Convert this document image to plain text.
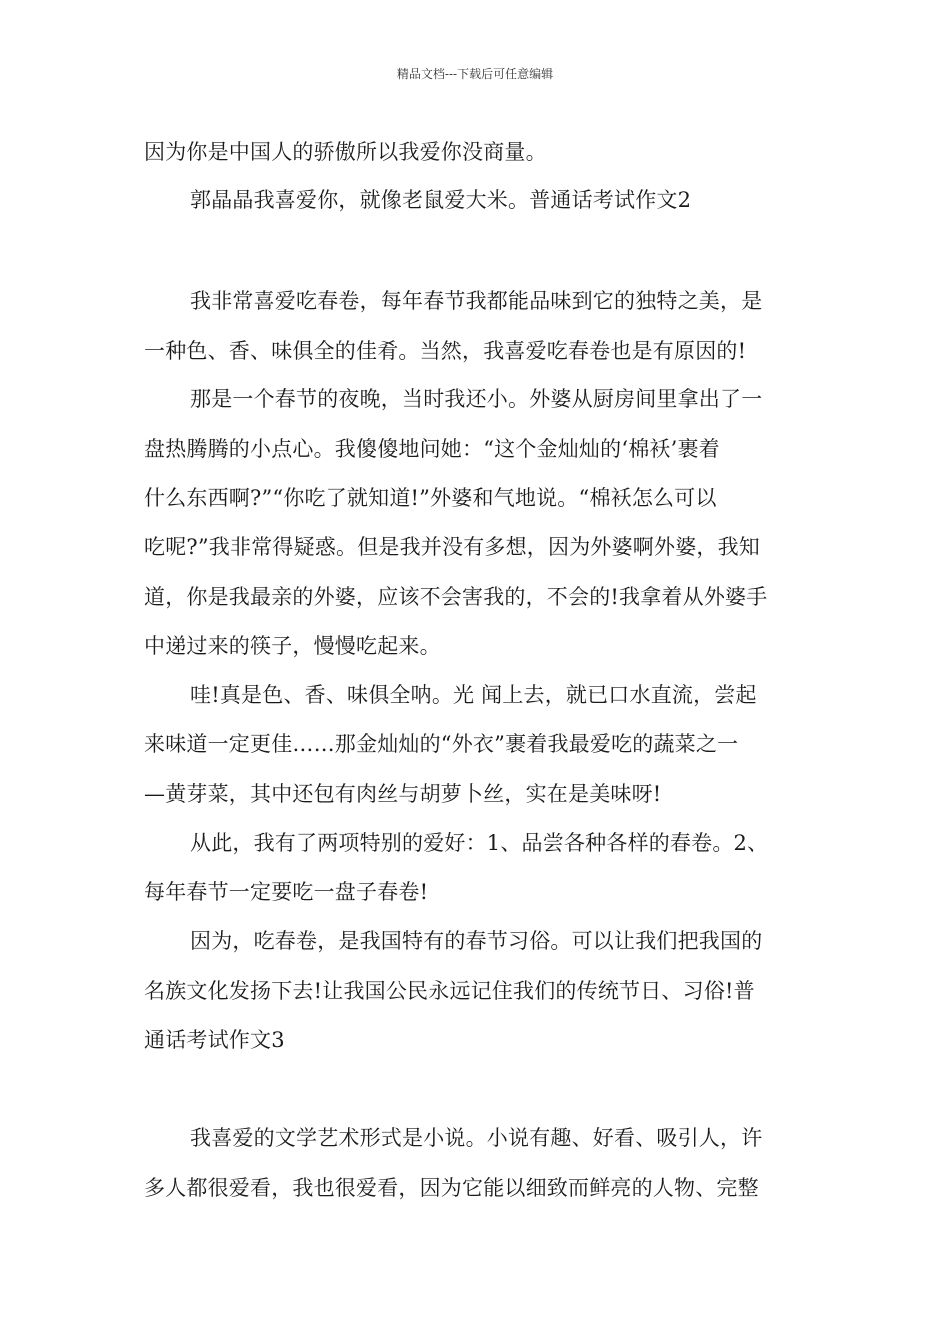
精品文档---下载后可任意编辑
因为你是中国人的骄傲所以我爱你没商量。
郭晶晶我喜爱你，就像老鼠爱大米。普通话考试作文2
我非常喜爱吃春卷，每年春节我都能品味到它的独特之美，是
一种色、香、味俱全的佳肴。当然，我喜爱吃春卷也是有原因的!
那是一个春节的夜晚，当时我还小。外婆从厨房间里拿出了一
盘热腾腾的小点心。我傻傻地问她：“这个金灿灿的‘棉袄’裹着
什么东西啊?”“你吃了就知道!”外婆和气地说。“棉袄怎么可以
吃呢?”我非常得疑惑。但是我并没有多想，因为外婆啊外婆，我知
道，你是我最亲的外婆，应该不会害我的，不会的!我拿着从外婆手
中递过来的筷子，慢慢吃起来。
哇!真是色、香、味俱全呐。光 闻上去，就已口水直流，尝起
来味道一定更佳……那金灿灿的“外衣”裹着我最爱吃的蔬菜之一
—黄芽菜，其中还包有肉丝与胡萝卜丝，实在是美味呀!
从此，我有了两项特别的爱好：1、品尝各种各样的春卷。2、
每年春节一定要吃一盘子春卷!
因为，吃春卷，是我国特有的春节习俗。可以让我们把我国的
名族文化发扬下去!让我国公民永远记住我们的传统节日、习俗!普
通话考试作文3
我喜爱的文学艺术形式是小说。小说有趣、好看、吸引人，许
多人都很爱看，我也很爱看，因为它能以细致而鲜亮的人物、完整
